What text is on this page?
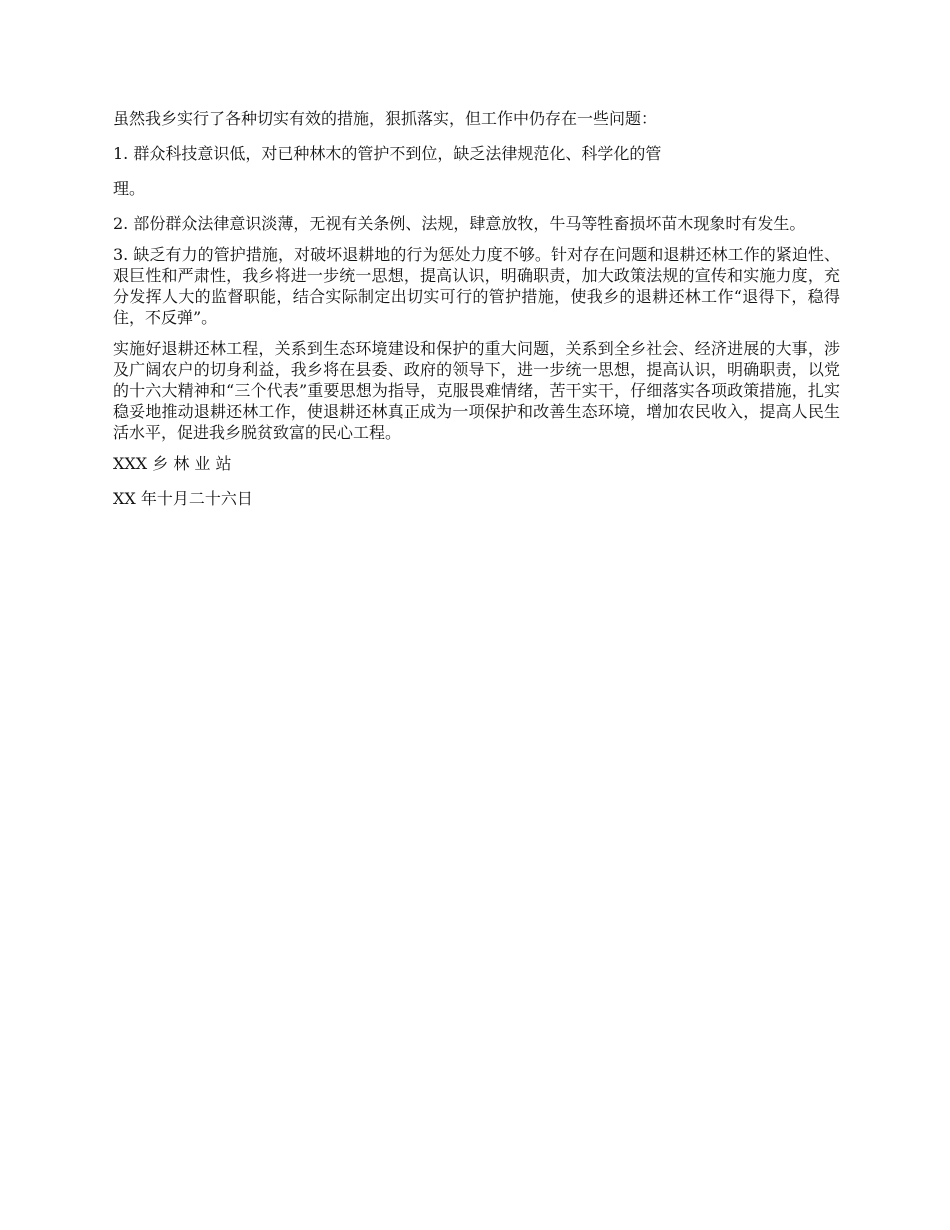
虽然我乡实行了各种切实有效的措施，狠抓落实，但工作中仍存在一些问题：

1. 群众科技意识低，对已种林木的管护不到位，缺乏法律规范化、科学化的管

理。

2. 部份群众法律意识淡薄，无视有关条例、法规，肆意放牧，牛马等牲畜损坏苗木现象时有发生。

3. 缺乏有力的管护措施，对破坏退耕地的行为惩处力度不够。针对存在问题和退耕还林工作的紧迫性、艰巨性和严肃性，我乡将进一步统一思想，提高认识，明确职责，加大政策法规的宣传和实施力度，充分发挥人大的监督职能，结合实际制定出切实可行的管护措施，使我乡的退耕还林工作“退得下，稳得住，不反弹”。

实施好退耕还林工程，关系到生态环境建设和保护的重大问题，关系到全乡社会、经济进展的大事，涉及广阔农户的切身利益，我乡将在县委、政府的领导下，进一步统一思想，提高认识，明确职责，以党的十六大精神和“三个代表”重要思想为指导，克服畏难情绪，苦干实干，仔细落实各项政策措施，扎实稳妥地推动退耕还林工作，使退耕还林真正成为一项保护和改善生态环境，增加农民收入，提高人民生活水平，促进我乡脱贫致富的民心工程。

XXX 乡 林 业 站

XX 年十月二十六日
